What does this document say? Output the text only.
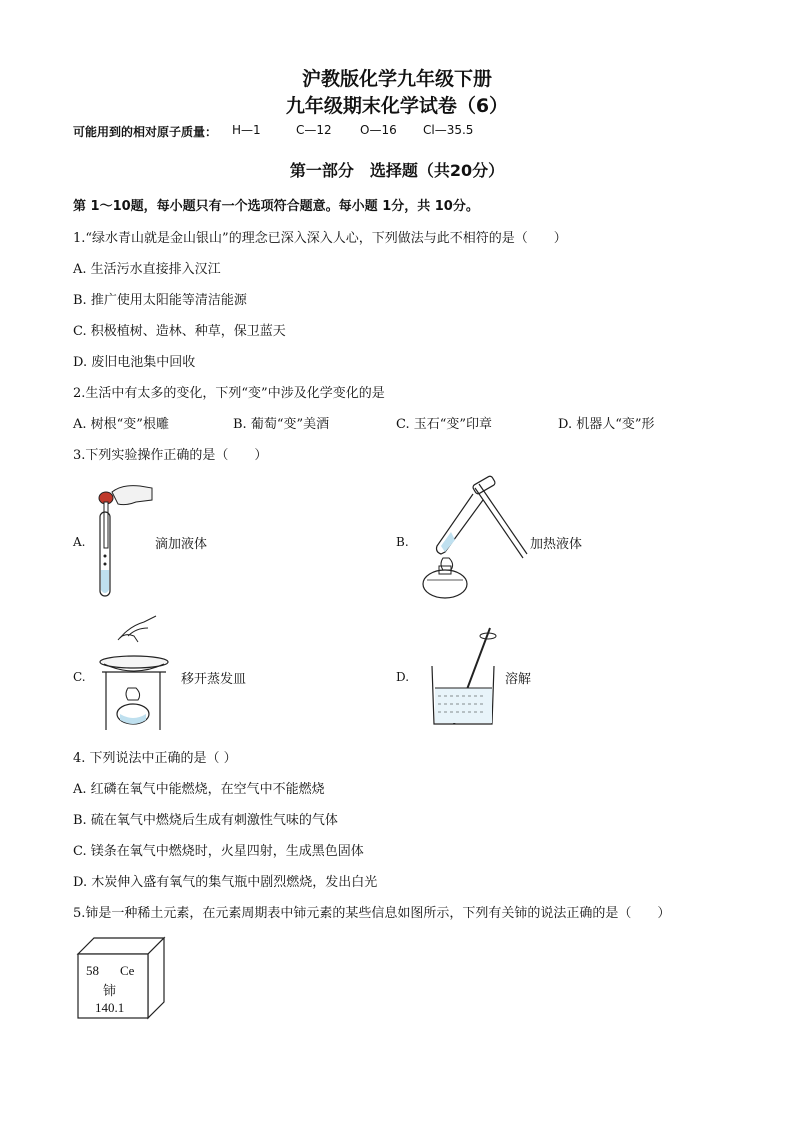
沪教版化学九年级下册
九年级期末化学试卷（6）
可能用到的相对原子质量： H—1	C—12 O—16 Cl—35.5
第一部分　选择题（共20分）
第 1～10题，每小题只有一个选项符合题意。每小题 1分，共 10分。
1.“绿水青山就是金山银山”的理念已深入深入人心，下列做法与此不相符的是（　　）
A. 生活污水直接排入汉江
B. 推广使用太阳能等清洁能源
C. 积极植树、造林、种草，保卫蓝天
D. 废旧电池集中回收
2.生活中有太多的变化，下列“变”中涉及化学变化的是
A. 树根“变”根雕	B. 葡萄“变”美酒	C. 玉石“变”印章	D. 机器人“变”形
3.下列实验操作正确的是（　　）
A.	滴加液体	B.	加热液体
C.	移开蒸发皿	D.	溶解
4. 下列说法中正确的是（ ）
A. 红磷在氧气中能燃烧，在空气中不能燃烧
B. 硫在氧气中燃烧后生成有刺激性气味的气体
C. 镁条在氧气中燃烧时，火星四射，生成黑色固体
D. 木炭伸入盛有氧气的集气瓶中剧烈燃烧，发出白光
5.铈是一种稀土元素，在元素周期表中铈元素的某些信息如图所示，下列有关铈的说法正确的是（　　）
58 Ce
铈
140.1
